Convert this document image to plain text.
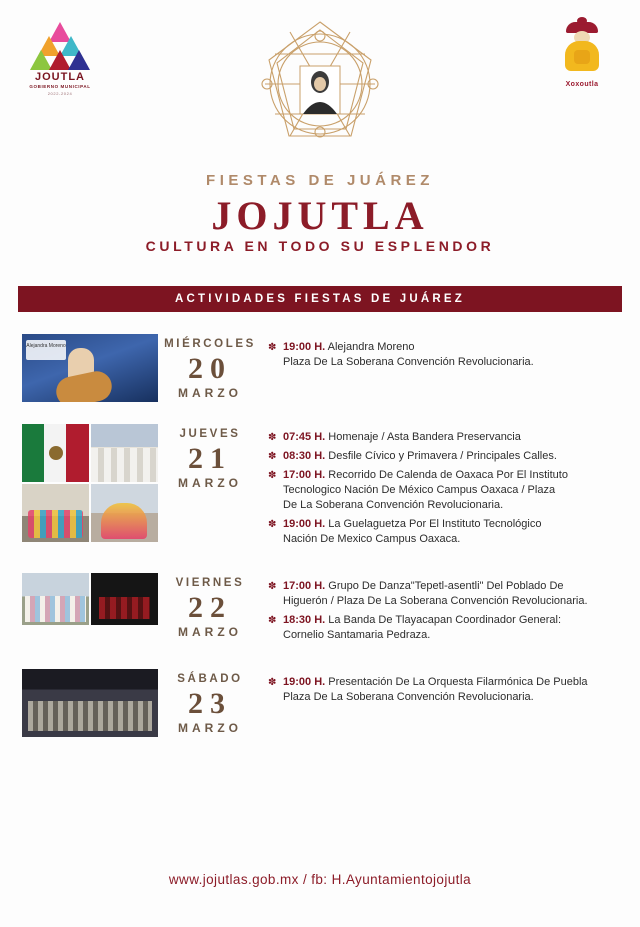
JOUTLA
GOBIERNO MUNICIPAL
2022-2024
Xoxoutla
FIESTAS DE JUÁREZ
JOJUTLA
CULTURA EN TODO SU ESPLENDOR
ACTIVIDADES FIESTAS DE JUÁREZ
Alejandra Moreno	MIÉRCOLES
20
MARZO
✽ 19:00 H. Alejandra Moreno
Plaza De La Soberana Convención Revolucionaria.
JUEVES
21
MARZO
✽ 07:45 H. Homenaje / Asta Bandera Preservancia
✽ 08:30 H. Desfile Cívico y Primavera / Principales Calles.
✽ 17:00 H. Recorrido De Calenda de Oaxaca Por El Instituto
Tecnologico Nación De México Campus Oaxaca / Plaza
De La Soberana Convención Revolucionaria.
✽ 19:00 H. La Guelaguetza Por El Instituto Tecnológico
Nación De Mexico Campus Oaxaca.
VIERNES
22
MARZO
✽ 17:00 H. Grupo De Danza"Tepetl-asentli" Del Poblado De
Higuerón / Plaza De La Soberana Convención Revolucionaria.
✽ 18:30 H. La Banda De Tlayacapan Coordinador General:
Cornelio Santamaria Pedraza.
SÁBADO
23
MARZO
✽ 19:00 H. Presentación De La Orquesta Filarmónica De Puebla
Plaza De La Soberana Convención Revolucionaria.
www.jojutlas.gob.mx / fb: H.Ayuntamientojojutla
